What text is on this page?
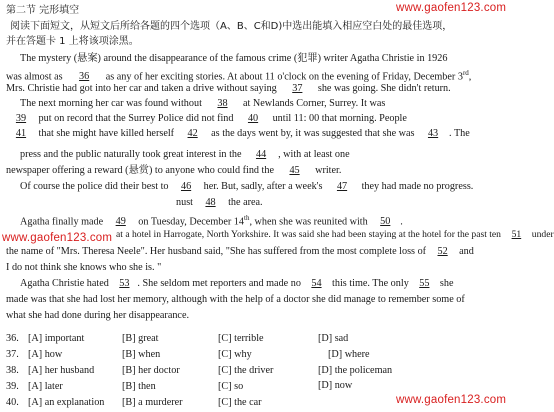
www.gaofen123.com
www.gaofen123.com
www.gaofen123.com
第二节 完形填空
阅读下面短文，从短文后所给各题的四个选项（A、B、C和D)中选出能填入相应空白处的最佳选项，
并在答题卡 1 上将该项涂黑。
The mystery (悬案) around the disappearance of the famous crime (犯罪) writer Agatha Christie in 1926
was almost as 36 as any of her exciting stories. At about 11 o'clock on the evening of Friday, December 3rd,
Mrs. Christie had got into her car and taken a drive without saying 37 she was going. She didn't return.
The next morning her car was found without 38 at Newlands Corner, Surrey. It was
39 put on record that the Surrey Police did not find 40 until 11: 00 that morning. People
41 that she might have killed herself 42 as the days went by, it was suggested that she was 43 . The
press and the public naturally took great interest in the 44 , with at least one
newspaper offering a reward (悬赏) to anyone who could find the 45 writer.
Of course the police did their best to 46 her. But, sadly, after a week's 47 they had made no progress.
nust 48 the area.
Agatha finally made 49 on Tuesday, December 14th, when she was reunited with 50 .
at a hotel in Harrogate, North Yorkshire. It was said she had been staying at the hotel for the past ten 51 under
the name of "Mrs. Theresa Neele". Her husband said, "She has suffered from the most complete loss of 52 and
I do not think she knows who she is. "
Agatha Christie hated 53 . She seldom met reporters and made no 54 this time. The only 55 she
made was that she had lost her memory, although with the help of a doctor she did manage to remember some of
what she had done during her disappearance.
36. [A] important	[B] great	[C] terrible	[D] sad
37. [A] how	[B] when	[C] why	[D] where
38. [A] her husband	[B] her doctor	[C] the driver	[D] the policeman
39. [A] later	[B] then	[C] so	[D] now
40. [A] an explanation [B] a murderer	[C] the car
